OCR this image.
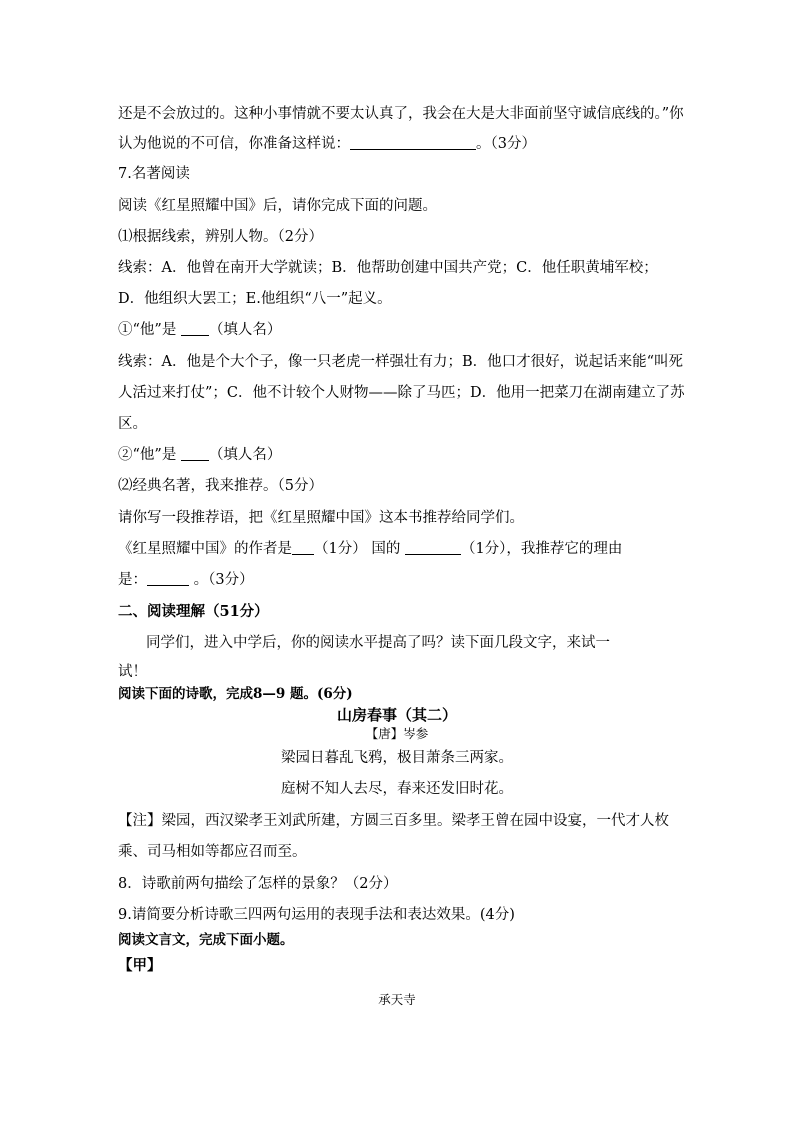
还是不会放过的。这种小事情就不要太认真了，我会在大是大非面前坚守诚信底线的。”你
认为他说的不可信，你准备这样说：	。（3分）
7.名著阅读
阅读《红星照耀中国》后，请你完成下面的问题。
⑴根据线索，辨别人物。（2分）
线索：A．他曾在南开大学就读；B．他帮助创建中国共产党；C．他任职黄埔军校；
D．他组织大罢工；E.他组织“八一”起义。
①“他”是 （填人名）
线索：A．他是个大个子，像一只老虎一样强壮有力；B．他口才很好，说起话来能“叫死
人活过来打仗”；C．他不计较个人财物——除了马匹；D．他用一把菜刀在湖南建立了苏
区。
②“他”是 （填人名）
⑵经典名著，我来推荐。（5分）
请你写一段推荐语，把《红星照耀中国》这本书推荐给同学们。
《红星照耀中国》的作者是 （1分） 国的	（1分），我推荐它的理由
是：	。（3分）
二、阅读理解（51分）
同学们，进入中学后，你的阅读水平提高了吗？读下面几段文字，来试一
试！
阅读下面的诗歌，完成8—9 题。(6分)
山房春事（其二）
【唐】岑参
梁园日暮乱飞鸦，极目萧条三两家。
庭树不知人去尽，春来还发旧时花。
【注】梁园，西汉梁孝王刘武所建，方圆三百多里。梁孝王曾在园中设宴，一代才人枚
乘、司马相如等都应召而至。
8．诗歌前两句描绘了怎样的景象？（2分）
9.请简要分析诗歌三四两句运用的表现手法和表达效果。(4分)
阅读文言文，完成下面小题。
【甲】
承天寺
